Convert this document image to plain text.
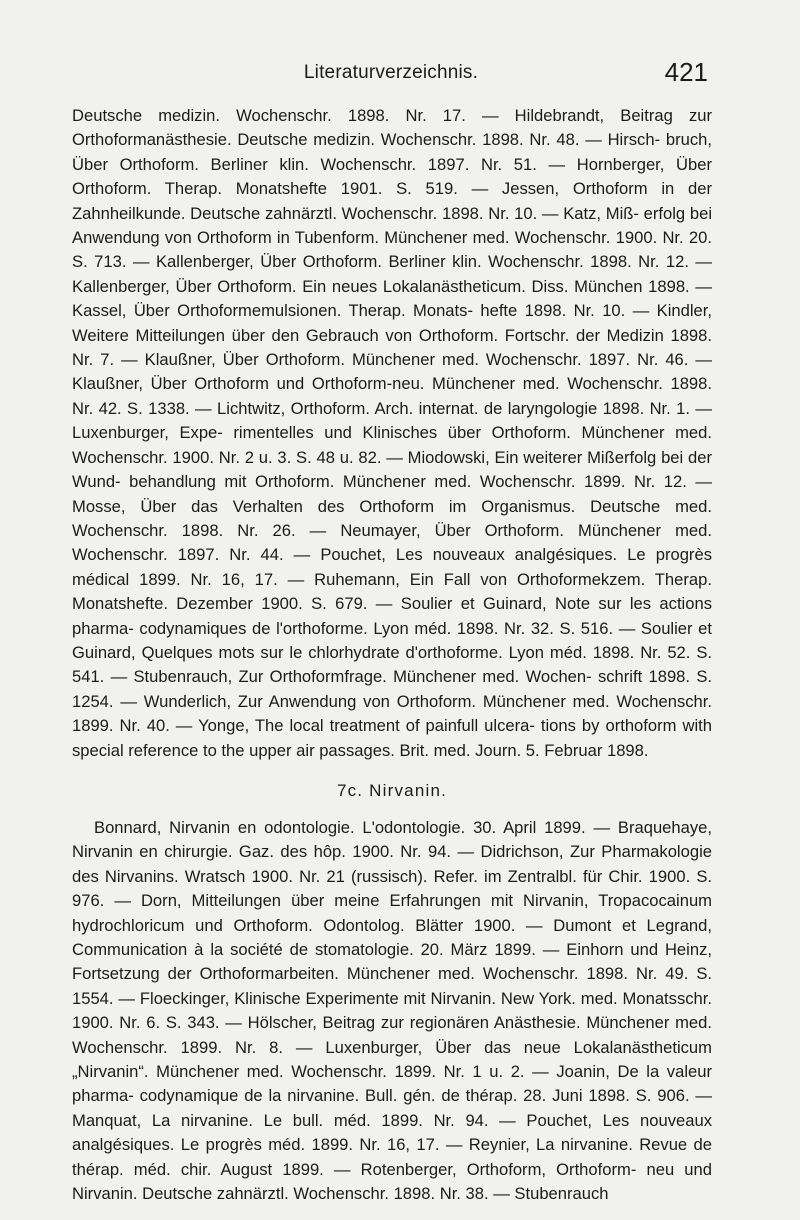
Literaturverzeichnis.	421

Deutsche medizin. Wochenschr. 1898. Nr. 17. — Hildebrandt, Beitrag zur Orthoformanästhesie. Deutsche medizin. Wochenschr. 1898. Nr. 48. — Hirsch- bruch, Über Orthoform. Berliner klin. Wochenschr. 1897. Nr. 51. — Hornberger, Über Orthoform. Therap. Monatshefte 1901. S. 519. — Jessen, Orthoform in der Zahnheilkunde. Deutsche zahnärztl. Wochenschr. 1898. Nr. 10. — Katz, Miß- erfolg bei Anwendung von Orthoform in Tubenform. Münchener med. Wochenschr. 1900. Nr. 20. S. 713. — Kallenberger, Über Orthoform. Berliner klin. Wochenschr. 1898. Nr. 12. — Kallenberger, Über Orthoform. Ein neues Lokalanästheticum. Diss. München 1898. — Kassel, Über Orthoformemulsionen. Therap. Monats- hefte 1898. Nr. 10. — Kindler, Weitere Mitteilungen über den Gebrauch von Orthoform. Fortschr. der Medizin 1898. Nr. 7. — Klaußner, Über Orthoform. Münchener med. Wochenschr. 1897. Nr. 46. — Klaußner, Über Orthoform und Orthoform-neu. Münchener med. Wochenschr. 1898. Nr. 42. S. 1338. — Lichtwitz, Orthoform. Arch. internat. de laryngologie 1898. Nr. 1. — Luxenburger, Expe- rimentelles und Klinisches über Orthoform. Münchener med. Wochenschr. 1900. Nr. 2 u. 3. S. 48 u. 82. — Miodowski, Ein weiterer Mißerfolg bei der Wund- behandlung mit Orthoform. Münchener med. Wochenschr. 1899. Nr. 12. — Mosse, Über das Verhalten des Orthoform im Organismus. Deutsche med. Wochenschr. 1898. Nr. 26. — Neumayer, Über Orthoform. Münchener med. Wochenschr. 1897. Nr. 44. — Pouchet, Les nouveaux analgésiques. Le progrès médical 1899. Nr. 16, 17. — Ruhemann, Ein Fall von Orthoformekzem. Therap. Monatshefte. Dezember 1900. S. 679. — Soulier et Guinard, Note sur les actions pharma- codynamiques de l'orthoforme. Lyon méd. 1898. Nr. 32. S. 516. — Soulier et Guinard, Quelques mots sur le chlorhydrate d'orthoforme. Lyon méd. 1898. Nr. 52. S. 541. — Stubenrauch, Zur Orthoformfrage. Münchener med. Wochen- schrift 1898. S. 1254. — Wunderlich, Zur Anwendung von Orthoform. Münchener med. Wochenschr. 1899. Nr. 40. — Yonge, The local treatment of painfull ulcera- tions by orthoform with special reference to the upper air passages. Brit. med. Journ. 5. Februar 1898.

7c. Nirvanin.

Bonnard, Nirvanin en odontologie. L'odontologie. 30. April 1899. — Braquehaye, Nirvanin en chirurgie. Gaz. des hôp. 1900. Nr. 94. — Didrichson, Zur Pharmakologie des Nirvanins. Wratsch 1900. Nr. 21 (russisch). Refer. im Zentralbl. für Chir. 1900. S. 976. — Dorn, Mitteilungen über meine Erfahrungen mit Nirvanin, Tropacocainum hydrochloricum und Orthoform. Odontolog. Blätter 1900. — Dumont et Legrand, Communication à la société de stomatologie. 20. März 1899. — Einhorn und Heinz, Fortsetzung der Orthoformarbeiten. Münchener med. Wochenschr. 1898. Nr. 49. S. 1554. — Floeckinger, Klinische Experimente mit Nirvanin. New York. med. Monatsschr. 1900. Nr. 6. S. 343. — Hölscher, Beitrag zur regionären Anästhesie. Münchener med. Wochenschr. 1899. Nr. 8. — Luxenburger, Über das neue Lokalanästheticum „Nirvanin“. Münchener med. Wochenschr. 1899. Nr. 1 u. 2. — Joanin, De la valeur pharma- codynamique de la nirvanine. Bull. gén. de thérap. 28. Juni 1898. S. 906. — Manquat, La nirvanine. Le bull. méd. 1899. Nr. 94. — Pouchet, Les nouveaux analgésiques. Le progrès méd. 1899. Nr. 16, 17. — Reynier, La nirvanine. Revue de thérap. méd. chir. August 1899. — Rotenberger, Orthoform, Orthoform- neu und Nirvanin. Deutsche zahnärztl. Wochenschr. 1898. Nr. 38. — Stubenrauch
